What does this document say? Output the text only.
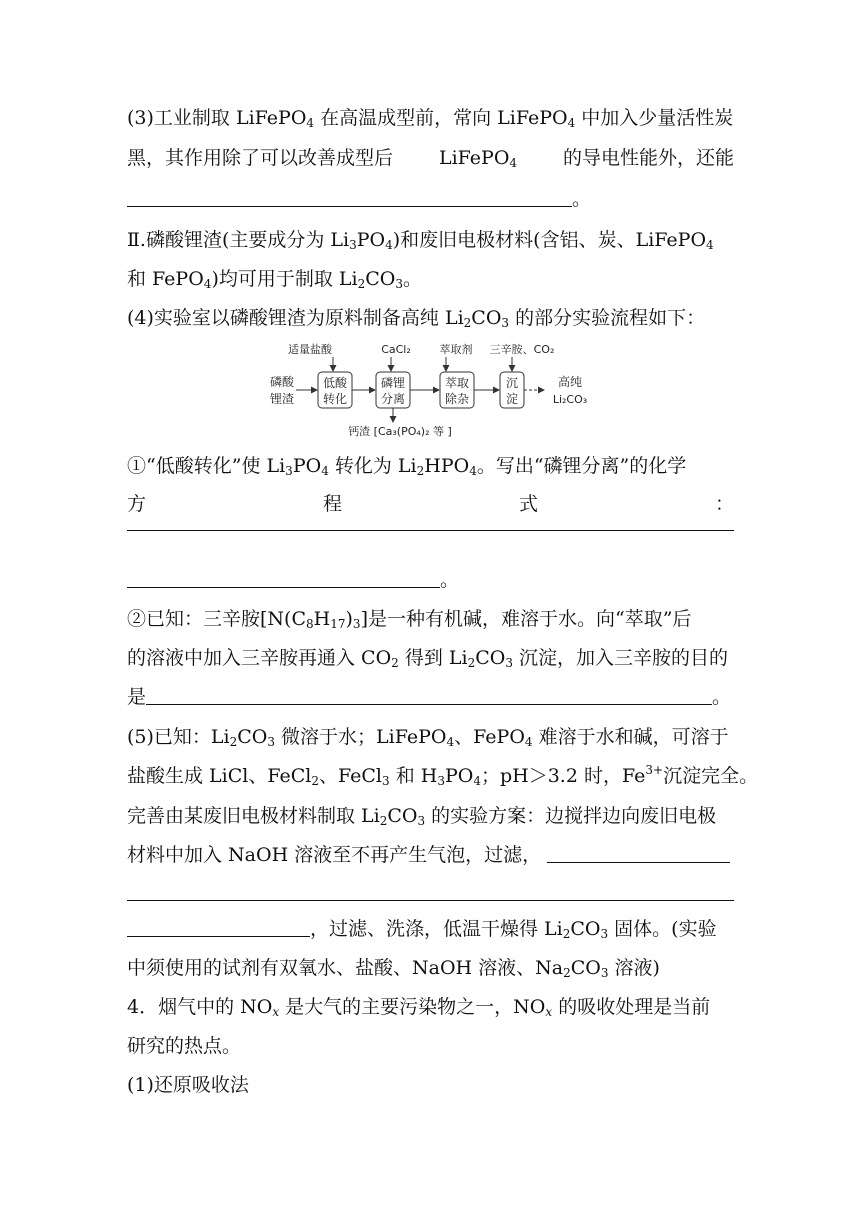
(3)工业制取 LiFePO$_4$ 在高温成型前，常向 LiFePO$_4$ 中加入少量活性炭
黑，其作用除了可以改善成型后 LiFePO$_4$ 的导电性能外，还能
。
Ⅱ.磷酸锂渣(主要成分为 $Li_3PO_4$)和废旧电极材料(含铝、炭、LiFePO$_4$
和 FePO$_4$)均可用于制取 $Li_2CO_3$。
(4)实验室以磷酸锂渣为原料制备高纯 $Li_2CO_3$ 的部分实验流程如下：
适量盐酸	CaCl₂	萃取剂 三辛胺、CO₂
磷酸
锂渣
低酸
转化
磷锂
分离
萃取
除杂
沉
淀
高纯
Li₂CO₃
钙渣 [Ca₃(PO₄)₂ 等 ]
①“低酸转化”使 $Li_3PO_4$ 转化为 $Li_2HPO_4$。写出“磷锂分离”的化学
方	程	式	：
。
②已知：三辛胺$[N(C_8H_{17})_3]$是一种有机碱，难溶于水。向“萃取”后
的溶液中加入三辛胺再通入 $CO_2$ 得到 $Li_2CO_3$ 沉淀，加入三辛胺的目的
是	。
(5)已知：$Li_2CO_3$ 微溶于水；LiFePO$_4$、FePO$_4$ 难溶于水和碱，可溶于
盐酸生成 LiCl、FeCl$_2$、FeCl$_3$ 和 $H_3PO_4$；pH＞3.2 时，$Fe^{3+}$沉淀完全。
完善由某废旧电极材料制取 $Li_2CO_3$ 的实验方案：边搅拌边向废旧电极
材料中加入 NaOH 溶液至不再产生气泡，过滤，
，过滤、洗涤，低温干燥得 $Li_2CO_3$ 固体。(实验
中须使用的试剂有双氧水、盐酸、NaOH 溶液、$Na_2CO_3$ 溶液)
4．烟气中的 $NO_x$ 是大气的主要污染物之一，$NO_x$ 的吸收处理是当前
研究的热点。
(1)还原吸收法
